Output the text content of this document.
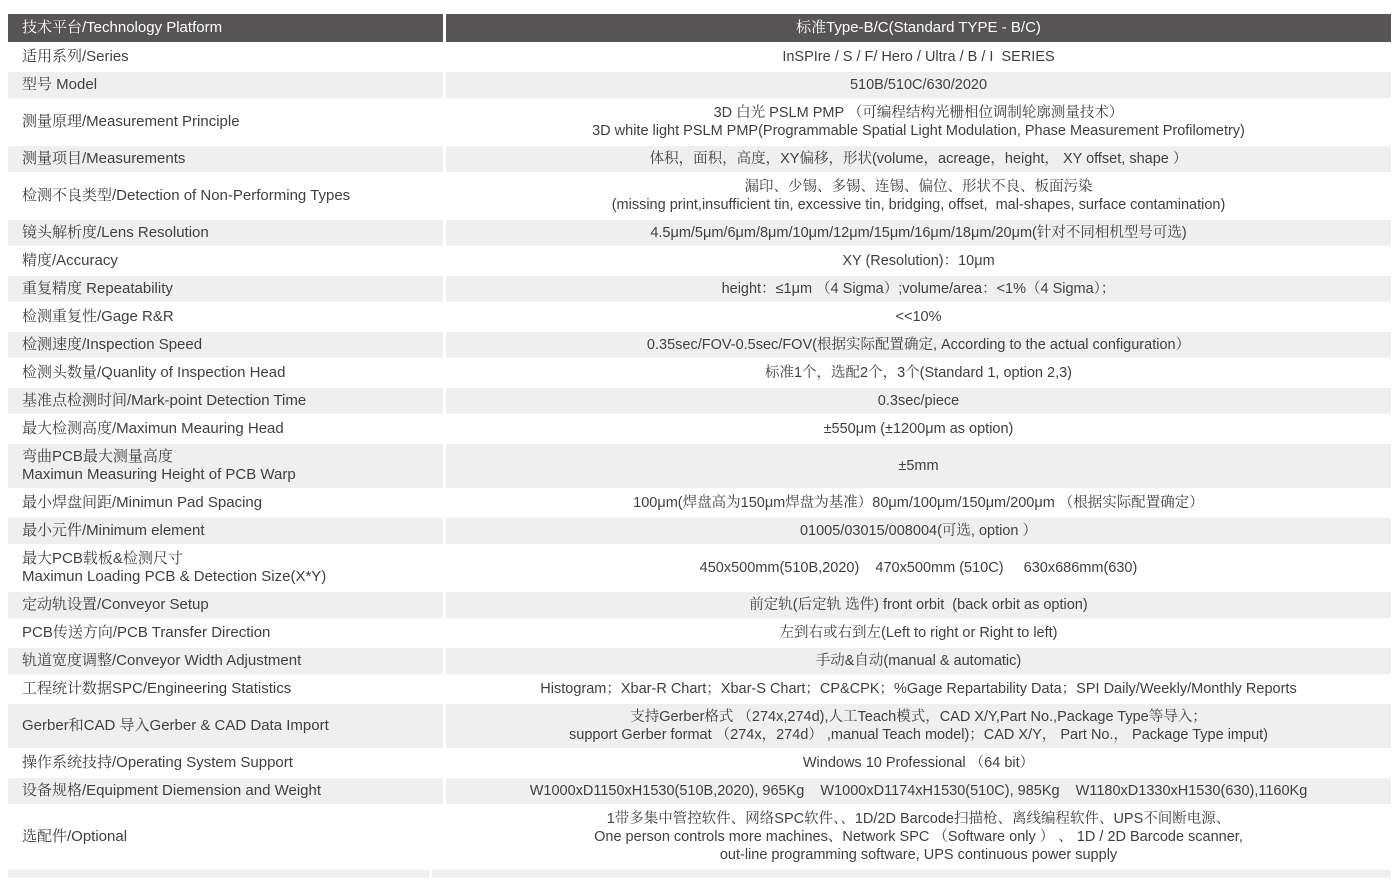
技术平台/Technology Platform	标准Type-B/C(Standard TYPE - B/C)
适用系列/Series	InSPIre / S / F/ Hero / Ultra / B / I  SERIES
型号 Model	510B/510C/630/2020
测量原理/Measurement Principle	3D 白光 PSLM PMP （可编程结构光栅相位调制轮廓测量技术）
3D white light PSLM PMP(Programmable Spatial Light Modulation, Phase Measurement Profilometry)
测量项目/Measurements	体积，面积，高度，XY偏移，形状(volume，acreage，height， XY offset, shape ）
检测不良类型/Detection of Non-Performing Types	漏印、少锡、多锡、连锡、偏位、形状不良、板面污染
(missing print,insufficient tin, excessive tin, bridging, offset,  mal-shapes, surface contamination)
镜头解析度/Lens Resolution	4.5μm/5μm/6μm/8μm/10μm/12μm/15μm/16μm/18μm/20μm(针对不同相机型号可选)
精度/Accuracy	XY (Resolution)：10μm
重复精度 Repeatability	height：≤1μm （4 Sigma）;volume/area：<1%（4 Sigma）；
检测重复性/Gage R&R	<<10%
检测速度/Inspection Speed	0.35sec/FOV-0.5sec/FOV(根据实际配置确定, According to the actual configuration）
检测头数量/Quanlity of Inspection Head	标准1个，选配2个，3个(Standard 1, option 2,3)
基准点检测时间/Mark-point Detection Time	0.3sec/piece
最大检测高度/Maximun Meauring Head	±550μm (±1200μm as option)
弯曲PCB最大测量高度
Maximun Measuring Height of PCB Warp	±5mm
最小焊盘间距/Minimun Pad Spacing	100μm(焊盘高为150μm焊盘为基准）80μm/100μm/150μm/200μm （根据实际配置确定）
最小元件/Minimum element	01005/03015/008004(可选, option ）
最大PCB载板&检测尺寸
Maximun Loading PCB & Detection Size(X*Y)	450x500mm(510B,2020)    470x500mm (510C)     630x686mm(630)
定动轨设置/Conveyor Setup	前定轨(后定轨 选件) front orbit  (back orbit as option)
PCB传送方向/PCB Transfer Direction	左到右或右到左(Left to right or Right to left)
轨道宽度调整/Conveyor Width Adjustment	手动&自动(manual & automatic)
工程统计数据SPC/Engineering Statistics	Histogram；Xbar-R Chart；Xbar-S Chart；CP&CPK；%Gage Repartability Data；SPI Daily/Weekly/Monthly Reports
Gerber和CAD 导入Gerber & CAD Data Import	支持Gerber格式 （274x,274d),人工Teach模式，CAD X/Y,Part No.,Package Type等导入；
support Gerber format （274x，274d） ,manual Teach model)；CAD X/Y， Part No.， Package Type imput)
操作系统技持/Operating System Support	Windows 10 Professional （64 bit）
设备规格/Equipment Diemension and Weight	W1000xD1150xH1530(510B,2020), 965Kg    W1000xD1174xH1530(510C), 985Kg    W1180xD1330xH1530(630),1160Kg
选配件/Optional
1带多集中管控软件、网络SPC软件、、1D/2D Barcode扫描枪、离线编程软件、UPS不间断电源、
One person controls more machines、Network SPC （Software only ） 、 1D / 2D Barcode scanner,
out-line programming software, UPS continuous power supply
